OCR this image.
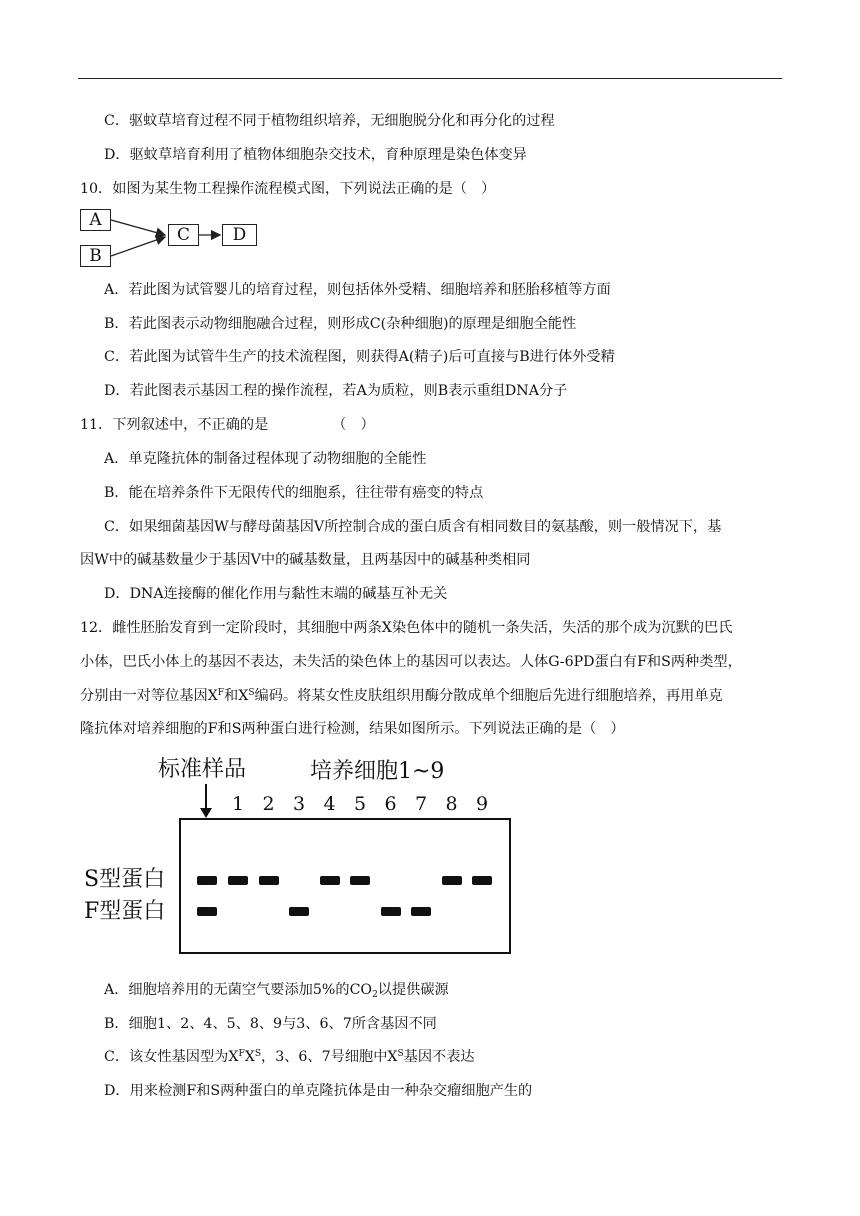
C．驱蚊草培育过程不同于植物组织培养，无细胞脱分化和再分化的过程
D．驱蚊草培育利用了植物体细胞杂交技术，育种原理是染色体变异
10．如图为某生物工程操作流程模式图，下列说法正确的是（　）
A
B
C	D
A．若此图为试管婴儿的培育过程，则包括体外受精、细胞培养和胚胎移植等方面
B．若此图表示动物细胞融合过程，则形成C(杂种细胞)的原理是细胞全能性
C．若此图为试管牛生产的技术流程图，则获得A(精子)后可直接与B进行体外受精
D．若此图表示基因工程的操作流程，若A为质粒，则B表示重组DNA分子
11．下列叙述中，不正确的是　　　　　（　）
A．单克隆抗体的制备过程体现了动物细胞的全能性
B．能在培养条件下无限传代的细胞系，往往带有癌变的特点
C．如果细菌基因W与酵母菌基因V所控制合成的蛋白质含有相同数目的氨基酸，则一般情况下，基
因W中的碱基数量少于基因V中的碱基数量，且两基因中的碱基种类相同
D．DNA连接酶的催化作用与黏性末端的碱基互补无关
12．雌性胚胎发育到一定阶段时，其细胞中两条X染色体中的随机一条失活，失活的那个成为沉默的巴氏
小体，巴氏小体上的基因不表达，未失活的染色体上的基因可以表达。人体G-6PD蛋白有F和S两种类型，
分别由一对等位基因$X^F$和$X^S$编码。将某女性皮肤组织用酶分散成单个细胞后先进行细胞培养，再用单克
隆抗体对培养细胞的F和S两种蛋白进行检测，结果如图所示。下列说法正确的是（　）
标准样品	培养细胞1~9
1 2 3 4 5 6 7 8 9
S型蛋白
F型蛋白
A．细胞培养用的无菌空气要添加5%的$CO_2$以提供碳源
B．细胞1、2、4、5、8、9与3、6、7所含基因不同
C．该女性基因型为$X^FX^S$，3、6、7号细胞中$X^S$基因不表达
D．用来检测F和S两种蛋白的单克隆抗体是由一种杂交瘤细胞产生的
